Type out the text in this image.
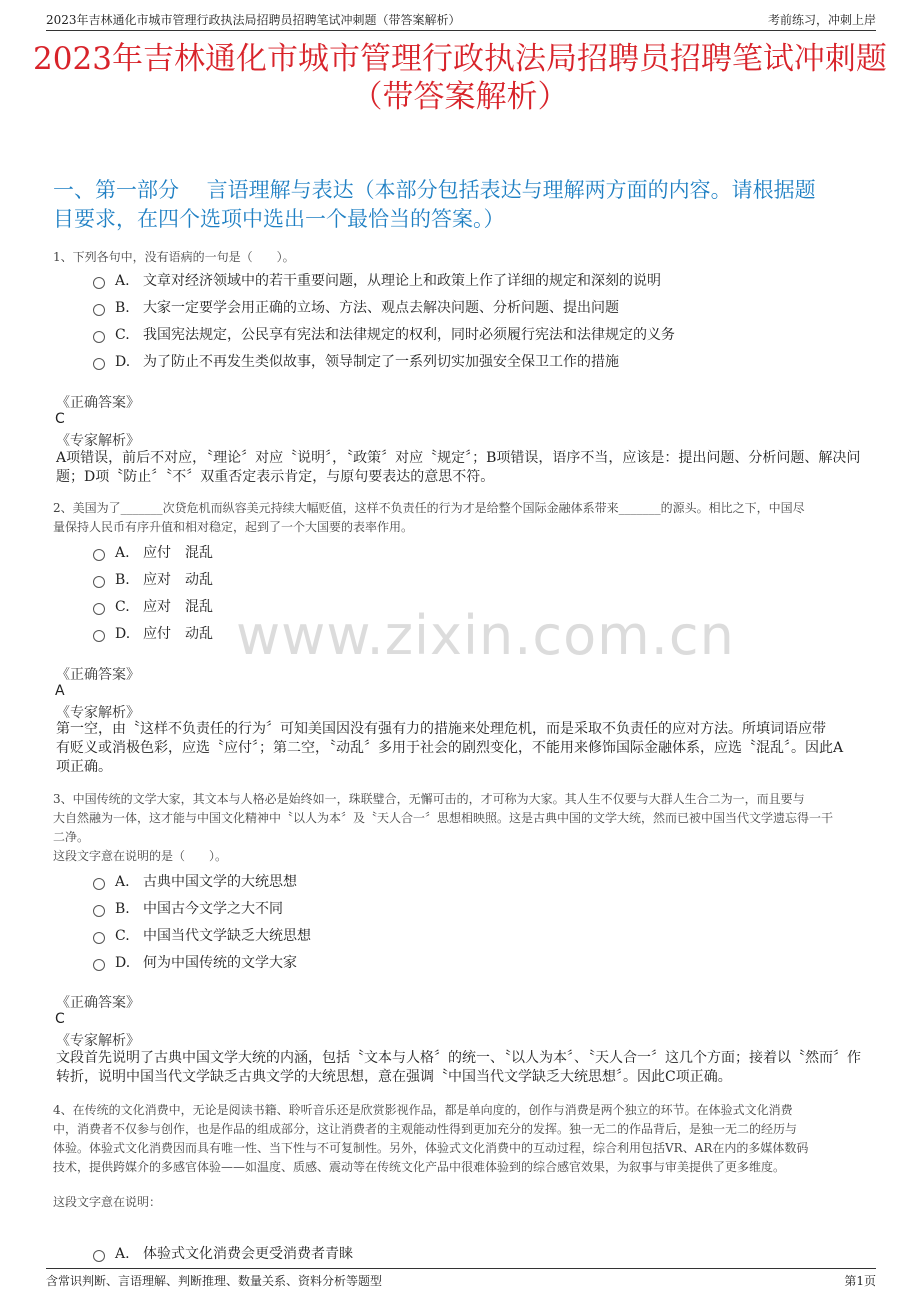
2023年吉林通化市城市管理行政执法局招聘员招聘笔试冲刺题（带答案解析）	考前练习，冲刺上岸
2023年吉林通化市城市管理行政执法局招聘员招聘笔试冲刺题
（带答案解析）
一、第一部分　 言语理解与表达（本部分包括表达与理解两方面的内容。请根据题
目要求，在四个选项中选出一个最恰当的答案。）
www.zixin.com.cn
1、下列各句中，没有语病的一句是（　　）。
A. 文章对经济领域中的若干重要问题，从理论上和政策上作了详细的规定和深刻的说明
B. 大家一定要学会用正确的立场、方法、观点去解决问题、分析问题、提出问题
C. 我国宪法规定，公民享有宪法和法律规定的权利，同时必须履行宪法和法律规定的义务
D. 为了防止不再发生类似故事，领导制定了一系列切实加强安全保卫工作的措施
《正确答案》
C
《专家解析》
A项错误，前后不对应，〝理论〞对应〝说明〞，〝政策〞对应〝规定〞；B项错误，语序不当，应该是：提出问题、分析问题、解决问
题；D项〝防止〞〝不〞双重否定表示肯定，与原句要表达的意思不符。
2、美国为了_______次贷危机而纵容美元持续大幅贬值，这样不负责任的行为才是给整个国际金融体系带来_______的源头。相比之下，中国尽
量保持人民币有序升值和相对稳定，起到了一个大国要的表率作用。
A. 应付　混乱
B. 应对　动乱
C. 应对　混乱
D. 应付　动乱
《正确答案》
A
《专家解析》
第一空，由〝这样不负责任的行为〞可知美国因没有强有力的措施来处理危机，而是采取不负责任的应对方法。所填词语应带
有贬义或消极色彩，应选〝应付〞；第二空，〝动乱〞多用于社会的剧烈变化，不能用来修饰国际金融体系，应选〝混乱〞。因此A
项正确。
3、中国传统的文学大家，其文本与人格必是始终如一，珠联璧合，无懈可击的，才可称为大家。其人生不仅要与大群人生合二为一，而且要与
大自然融为一体，这才能与中国文化精神中〝以人为本〞及〝天人合一〞思想相映照。这是古典中国的文学大统，然而已被中国当代文学遗忘得一干
二净。
这段文字意在说明的是（　　）。
A. 古典中国文学的大统思想
B. 中国古今文学之大不同
C. 中国当代文学缺乏大统思想
D. 何为中国传统的文学大家
《正确答案》
C
《专家解析》
文段首先说明了古典中国文学大统的内涵，包括〝文本与人格〞的统一、〝以人为本〞、〝天人合一〞这几个方面；接着以〝然而〞作
转折，说明中国当代文学缺乏古典文学的大统思想，意在强调〝中国当代文学缺乏大统思想〞。因此C项正确。
4、在传统的文化消费中，无论是阅读书籍、聆听音乐还是欣赏影视作品，都是单向度的，创作与消费是两个独立的环节。在体验式文化消费
中，消费者不仅参与创作，也是作品的组成部分，这让消费者的主观能动性得到更加充分的发挥。独一无二的作品背后，是独一无二的经历与
体验。体验式文化消费因而具有唯一性、当下性与不可复制性。另外，体验式文化消费中的互动过程，综合利用包括VR、AR在内的多媒体数码
技术，提供跨媒介的多感官体验——如温度、质感、震动等在传统文化产品中很难体验到的综合感官效果，为叙事与审美提供了更多维度。
这段文字意在说明：
A. 体验式文化消费会更受消费者青睐
含常识判断、言语理解、判断推理、数量关系、资料分析等题型	第1页
